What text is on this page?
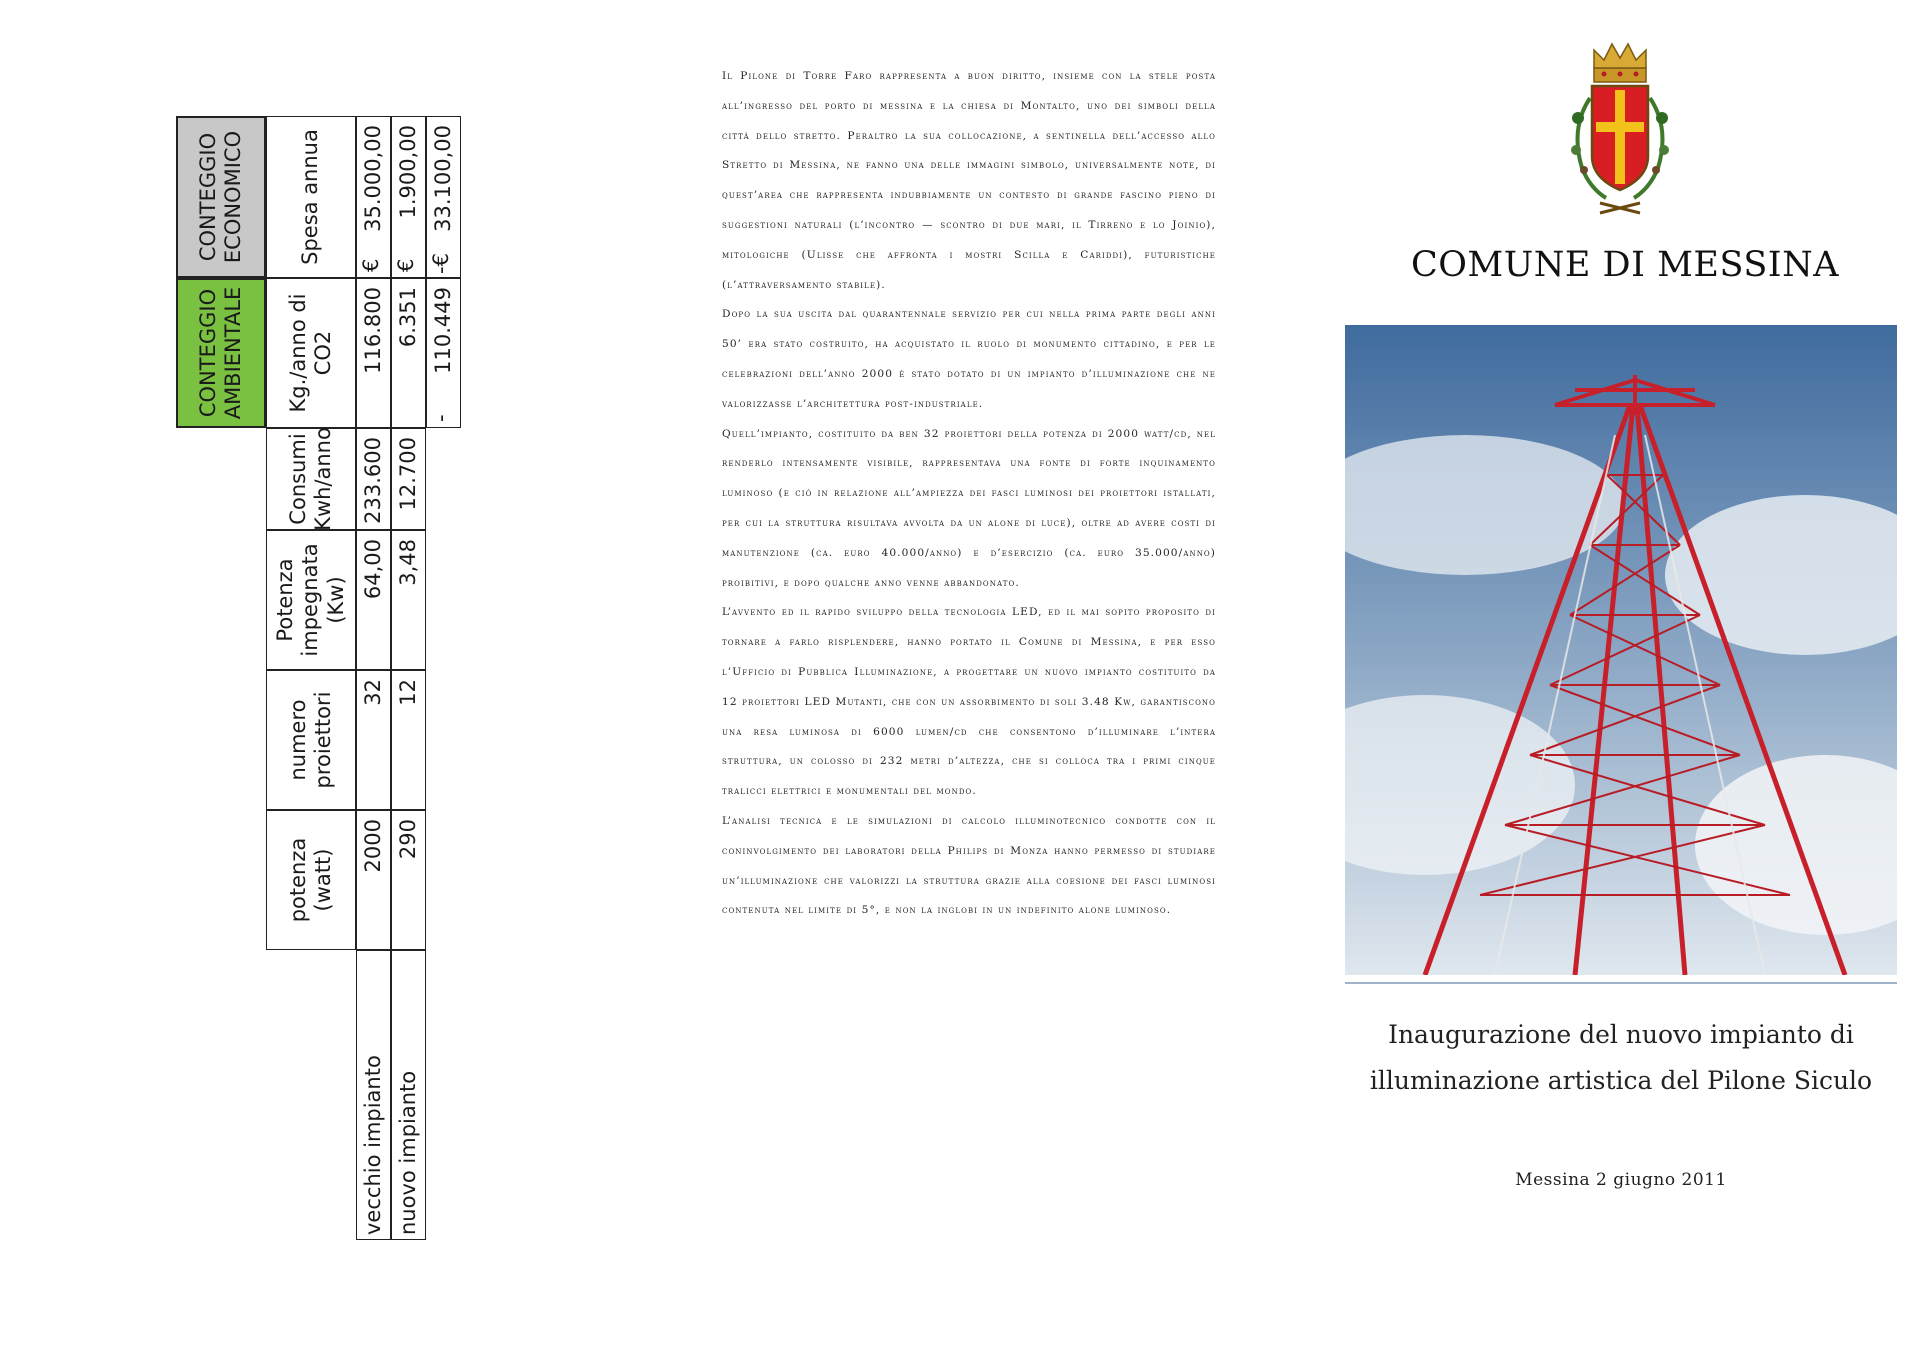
CONTEGGIO AMBIENTALE
CONTEGGIO ECONOMICO
potenza (watt)
numero proiettori
Potenza impegnata (Kw)
Consumi Kwh/anno
Kg./anno di CO2
Spesa annua
vecchio impianto
2000
32
64,00
233.600
116.800
35.000,00
€
nuovo impianto
290
12
3,48
12.700
6.351
1.900,00
€
110.449
-
33.100,00
-€

Il Pilone di Torre Faro rappresenta a buon diritto, insieme con la stele posta all’ingresso del porto di messina e la chiesa di Montalto, uno dei simboli della città dello stretto. Peraltro la sua collocazione, a sentinella dell’accesso allo Stretto di Messina, ne fanno una delle immagini simbolo, universalmente note, di quest’area che rappresenta indubbiamente un contesto di grande fascino pieno di suggestioni naturali (l’incontro — scontro di due mari, il Tirreno e lo Joinio), mitologiche (Ulisse che affronta i mostri Scilla e Cariddi), futuristiche (l’attraversamento stabile).

Dopo la sua uscita dal quarantennale servizio per cui nella prima parte degli anni 50’ era stato costruito, ha acquistato il ruolo di monumento cittadino, e per le celebrazioni dell’anno 2000 è stato dotato di un impianto d’illuminazione che ne valorizzasse l’architettura post-industriale.

Quell’impianto, costituito da ben 32 proiettori della potenza di 2000 watt/cd, nel renderlo intensamente visibile, rappresentava una fonte di forte inquinamento luminoso (e ciò in relazione all’ampiezza dei fasci luminosi dei proiettori istallati, per cui la struttura risultava avvolta da un alone di luce), oltre ad avere costi di manutenzione (ca. euro 40.000/anno) e d’esercizio (ca. euro 35.000/anno) proibitivi, e dopo qualche anno venne abbandonato.

L’avvento ed il rapido sviluppo della tecnologia LED, ed il mai sopito proposito di tornare a farlo risplendere, hanno portato il Comune di Messina, e per esso l’Ufficio di Pubblica Illuminazione, a progettare un nuovo impianto costituito da 12 proiettori LED Mutanti, che con un assorbimento di soli 3.48 Kw, garantiscono una resa luminosa di 6000 lumen/cd che consentono d’illuminare l’intera struttura, un colosso di 232 metri d’altezza, che si colloca tra i primi cinque tralicci elettrici e monumentali del mondo.

L’analisi tecnica e le simulazioni di calcolo illuminotecnico condotte con il coninvolgimento dei laboratori della Philips di Monza hanno permesso di studiare un’illuminazione che valorizzi la struttura grazie alla coesione dei fasci luminosi contenuta nel limite di 5°, e non la inglobi in un indefinito alone luminoso.

COMUNE DI MESSINA
Inaugurazione del nuovo impianto di
illuminazione artistica del Pilone Siculo
Messina 2 giugno 2011
